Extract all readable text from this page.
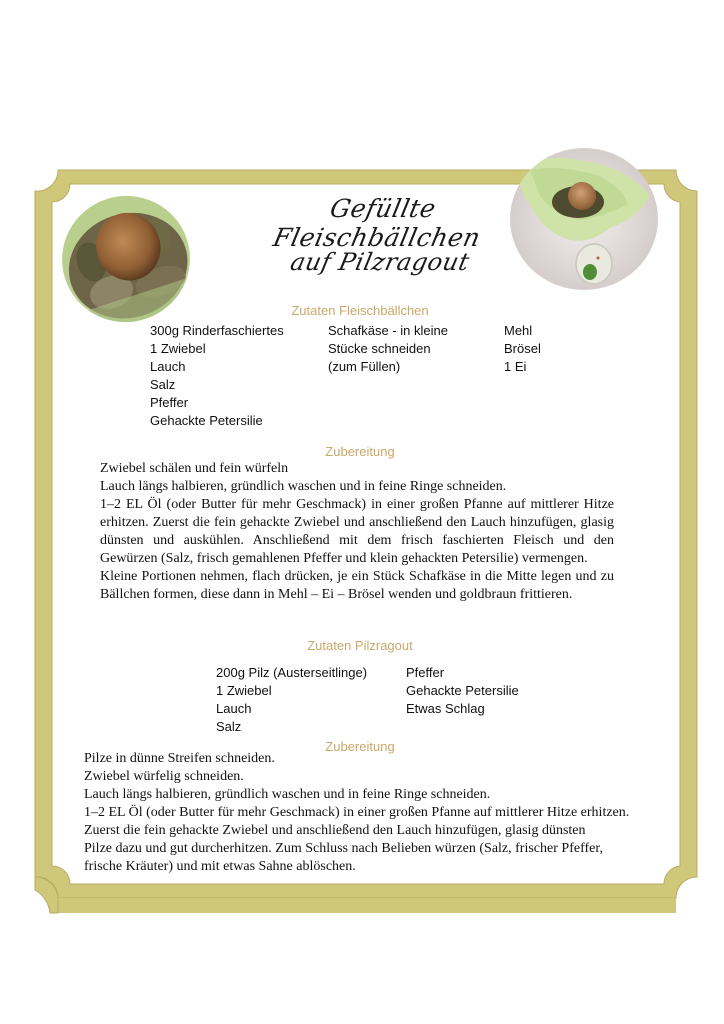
Gefüllte Fleischbällchen
auf Pilzragout
Zutaten Fleischbällchen
300g Rinderfaschiertes
1 Zwiebel
Lauch
Salz
Pfeffer
Gehackte Petersilie
Schafkäse - in kleine
Stücke schneiden
(zum Füllen)
Mehl
Brösel
1 Ei
Zubereitung
Zwiebel schälen und fein würfeln
Lauch längs halbieren, gründlich waschen und in feine Ringe schneiden.
1–2 EL Öl (oder Butter für mehr Geschmack) in einer großen Pfanne auf mittlerer Hitze erhitzen. Zuerst die fein gehackte Zwiebel und anschließend den Lauch hinzufügen, glasig dünsten und auskühlen. Anschließend mit dem frisch faschierten Fleisch und den Gewürzen (Salz, frisch gemahlenen Pfeffer und klein gehackten Petersilie) vermengen.
Kleine Portionen nehmen, flach drücken, je ein Stück Schafkäse in die Mitte legen und zu Bällchen formen, diese dann in Mehl – Ei – Brösel wenden und goldbraun frittieren.
Zutaten Pilzragout
200g Pilz (Austerseitlinge)
1 Zwiebel
Lauch
Salz
Pfeffer
Gehackte Petersilie
Etwas Schlag
Zubereitung
Pilze in dünne Streifen schneiden.
Zwiebel würfelig schneiden.
Lauch längs halbieren, gründlich waschen und in feine Ringe schneiden.
1–2 EL Öl (oder Butter für mehr Geschmack) in einer großen Pfanne auf mittlerer Hitze erhitzen.
Zuerst die fein gehackte Zwiebel und anschließend den Lauch hinzufügen, glasig dünsten
Pilze dazu und gut durcherhitzen. Zum Schluss nach Belieben würzen (Salz, frischer Pfeffer,
frische Kräuter) und mit etwas Sahne ablöschen.
